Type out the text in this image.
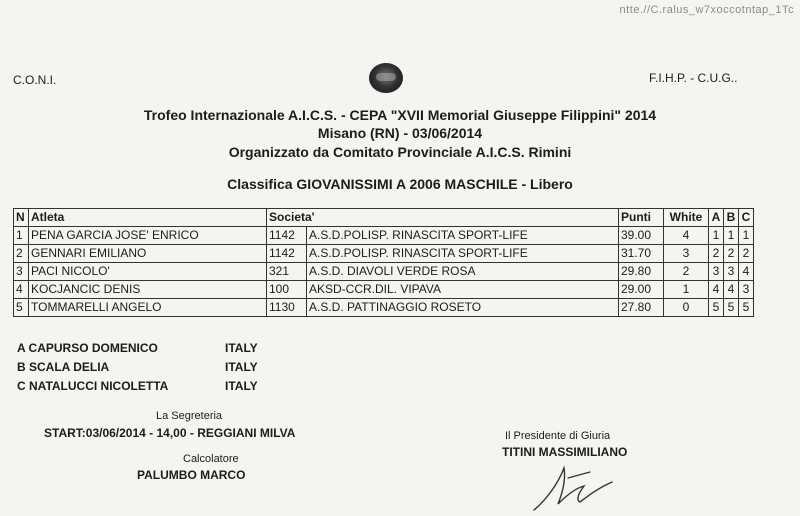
ntte.//C.ralus_w7xoccotntap_1Tc
C.O.N.I.	F.I.H.P. - C.U.G..
Trofeo Internazionale A.I.C.S. - CEPA "XVII Memorial Giuseppe Filippini" 2014
Misano (RN) - 03/06/2014
Organizzato da Comitato Provinciale A.I.C.S. Rimini
Classifica GIOVANISSIMI A 2006 MASCHILE - Libero
N	Atleta	Societa'		Punti	White	A	B	C
1	PENA GARCIA JOSE' ENRICO	1142	A.S.D.POLISP. RINASCITA SPORT-LIFE	39.00	4	1	1	1
2	GENNARI EMILIANO	1142	A.S.D.POLISP. RINASCITA SPORT-LIFE	31.70	3	2	2	2
3	PACI NICOLO'	321	A.S.D. DIAVOLI VERDE ROSA	29.80	2	3	3	4
4	KOCJANCIC DENIS	100	AKSD-CCR.DIL. VIPAVA	29.00	1	4	4	3
5	TOMMARELLI ANGELO	1130	A.S.D. PATTINAGGIO ROSETO	27.80	0	5	5	5
A CAPURSO DOMENICO	ITALY
B SCALA DELIA	ITALY
C NATALUCCI NICOLETTA	ITALY
La Segreteria
START:03/06/2014 - 14,00 - REGGIANI MILVA
Calcolatore
PALUMBO MARCO
Il Presidente di Giuria
TITINI MASSIMILIANO
